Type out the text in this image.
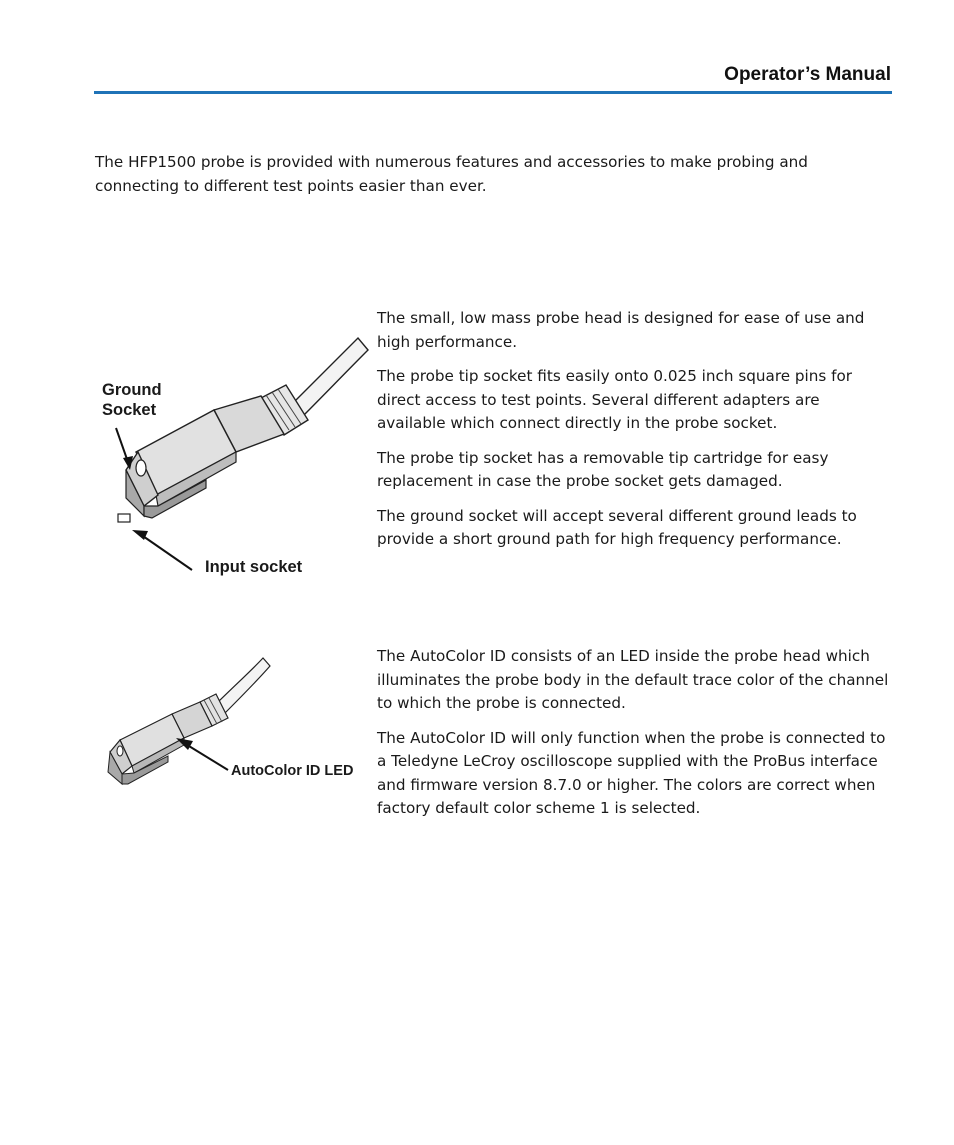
Operator’s Manual

The HFP1500 probe is provided with numerous features and accessories to make probing and connecting to different test points easier than ever.

Ground
Socket
Input socket

The small, low mass probe head is designed for ease of use and high performance.

The probe tip socket fits easily onto 0.025 inch square pins for direct access to test points. Several different adapters are available which connect directly in the probe socket.

The probe tip socket has a removable tip cartridge for easy replacement in case the probe socket gets damaged.

The ground socket will accept several different ground leads to provide a short ground path for high frequency performance.

AutoColor ID LED

The AutoColor ID consists of an LED inside the probe head which illuminates the probe body in the default trace color of the channel to which the probe is connected.

The AutoColor ID will only function when the probe is connected to a Teledyne LeCroy oscilloscope supplied with the ProBus interface and firmware version 8.7.0 or higher. The colors are correct when factory default color scheme 1 is selected.
